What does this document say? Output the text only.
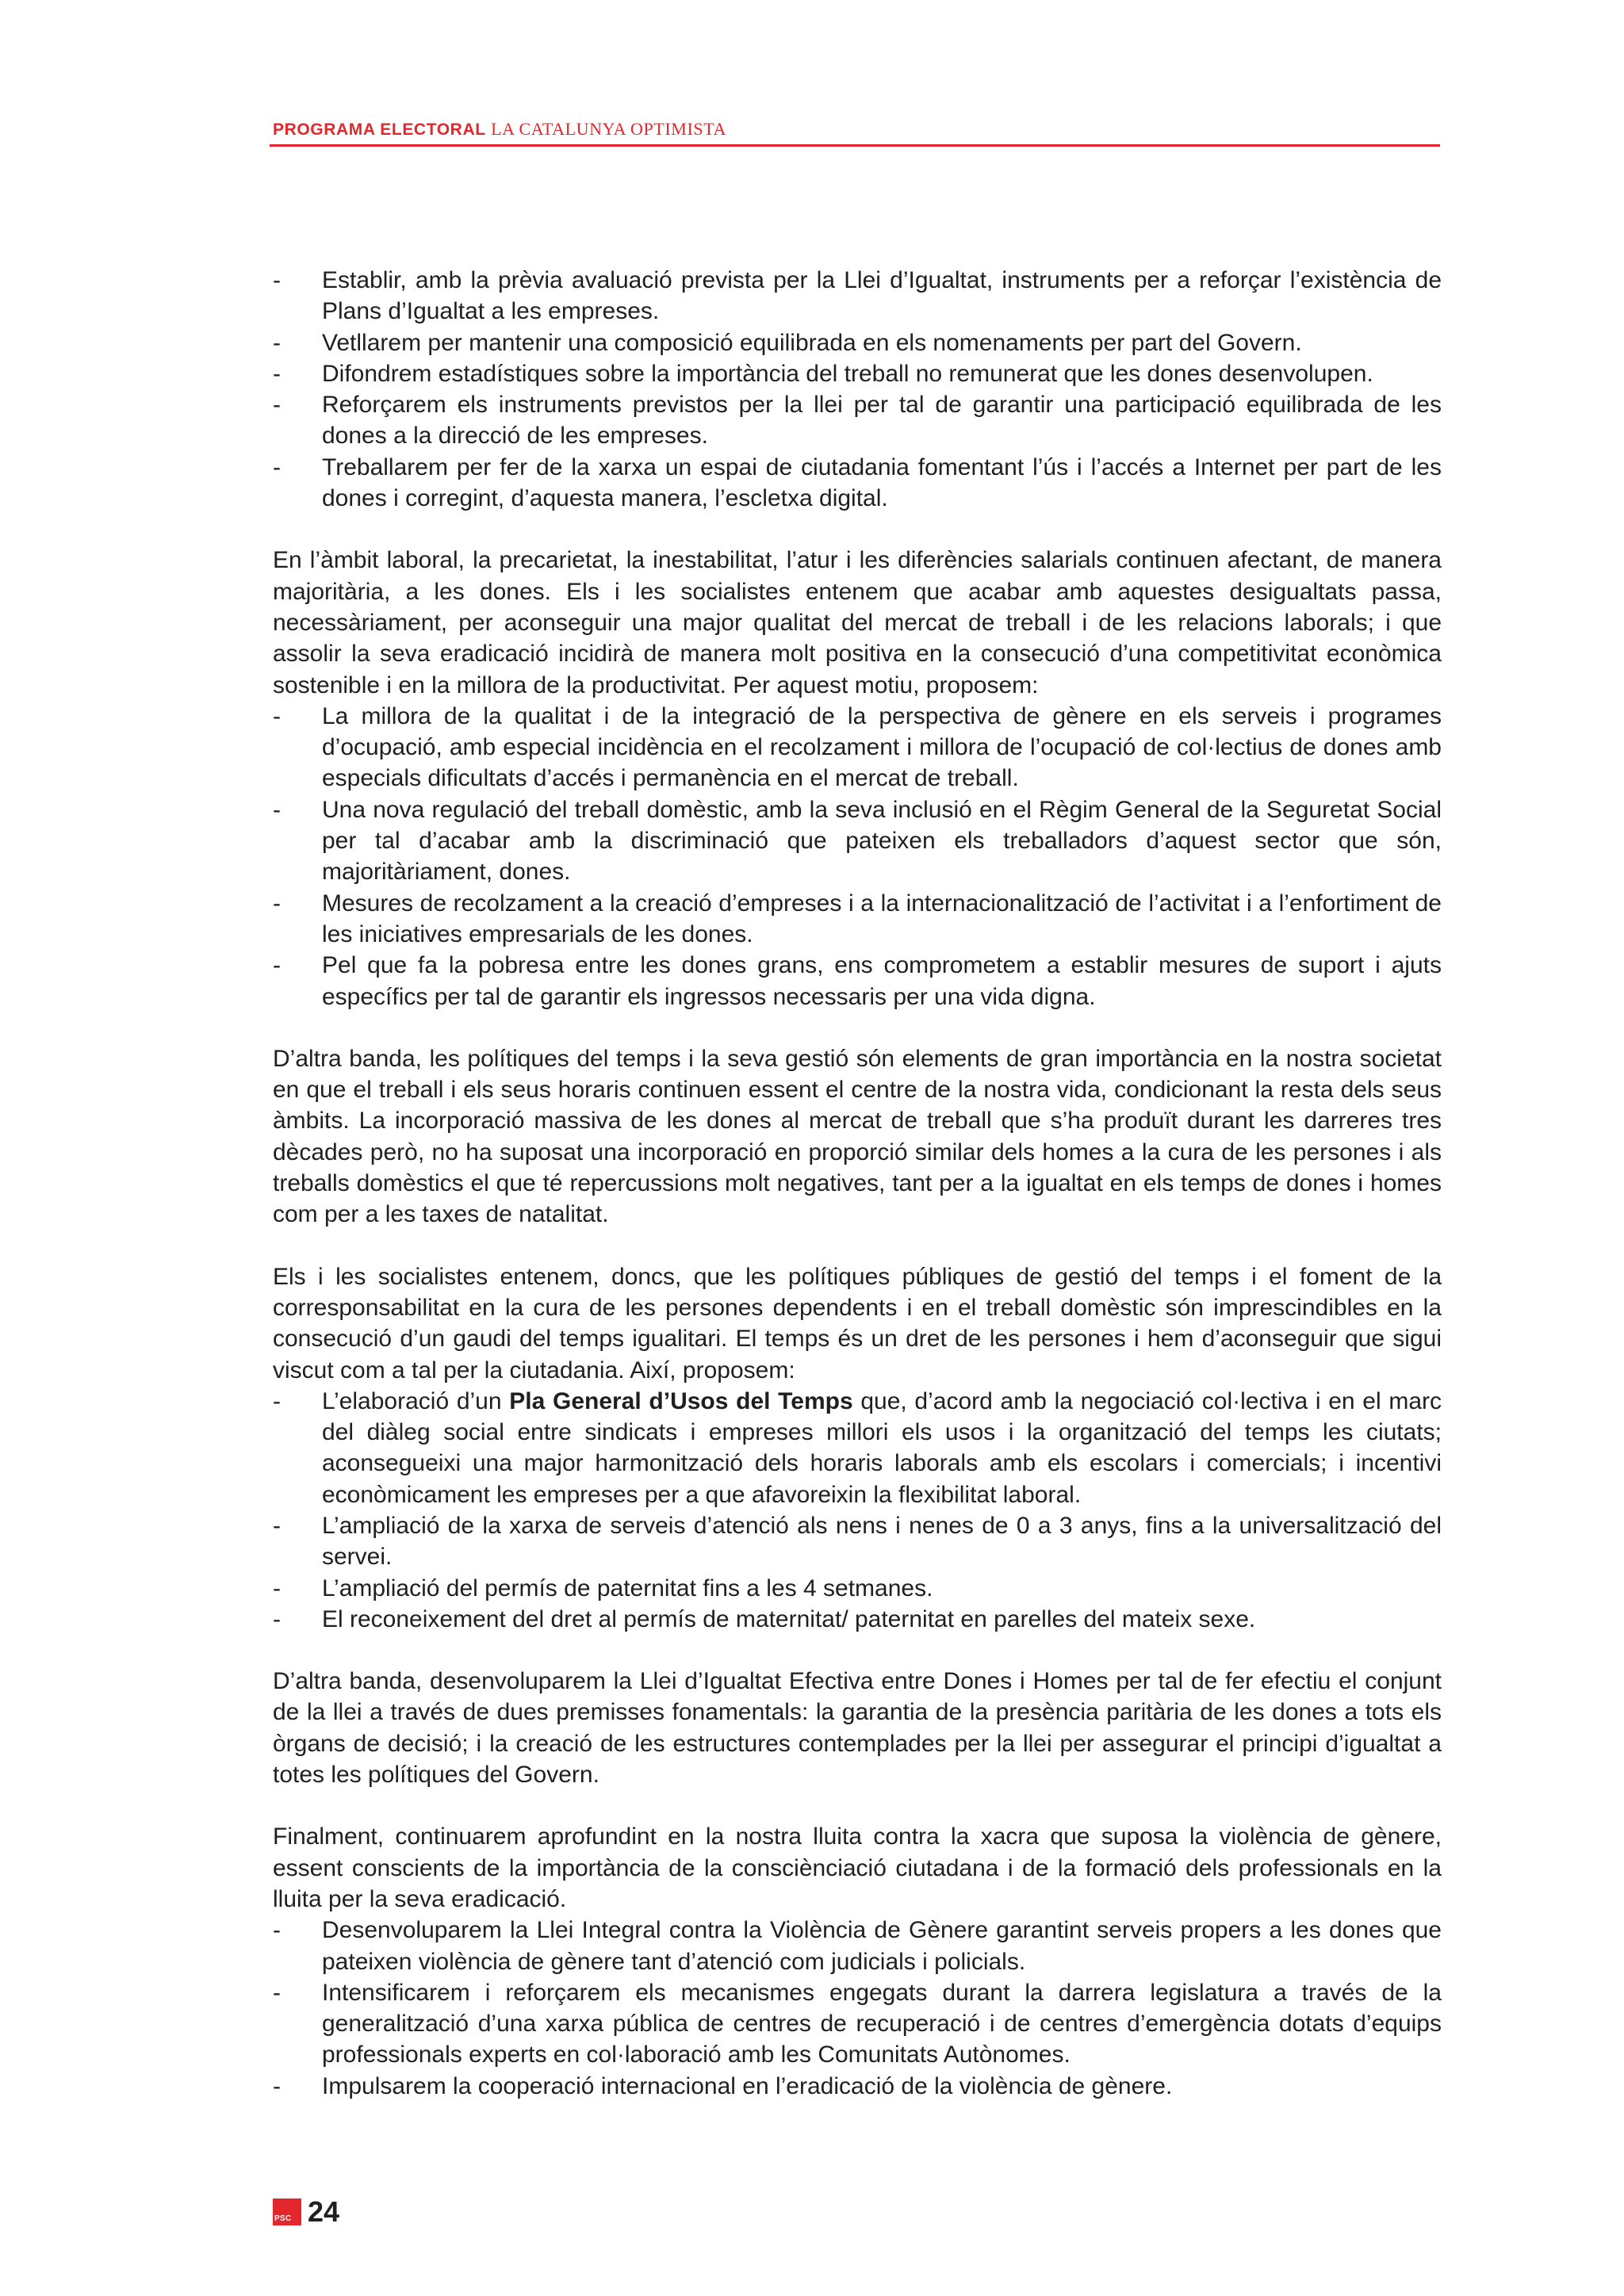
PROGRAMA ELECTORAL LA CATALUNYA OPTIMISTA
- Establir, amb la prèvia avaluació prevista per la Llei d’Igualtat, instruments per a reforçar l’existència de Plans d’Igualtat a les empreses.
- Vetllarem per mantenir una composició equilibrada en els nomenaments per part del Govern.
- Difondrem estadístiques sobre la importància del treball no remunerat que les dones desenvolupen.
- Reforçarem els instruments previstos per la llei per tal de garantir una participació equilibrada de les dones a la direcció de les empreses.
- Treballarem per fer de la xarxa un espai de ciutadania fomentant l’ús i l’accés a Internet per part de les dones i corregint, d’aquesta manera, l’escletxa digital.

En l’àmbit laboral, la precarietat, la inestabilitat, l’atur i les diferències salarials continuen afectant, de manera majoritària, a les dones. Els i les socialistes entenem que acabar amb aquestes desigualtats passa, necessàriament, per aconseguir una major qualitat del mercat de treball i de les relacions laborals; i que assolir la seva eradicació incidirà de manera molt positiva en la consecució d’una competitivitat econòmica sostenible i en la millora de la productivitat. Per aquest motiu, proposem:

- La millora de la qualitat i de la integració de la perspectiva de gènere en els serveis i programes d’ocupació, amb especial incidència en el recolzament i millora de l’ocupació de col·lectius de dones amb especials dificultats d’accés i permanència en el mercat de treball.
- Una nova regulació del treball domèstic, amb la seva inclusió en el Règim General de la Seguretat Social per tal d’acabar amb la discriminació que pateixen els treballadors d’aquest sector que són, majoritàriament, dones.
- Mesures de recolzament a la creació d’empreses i a la internacionalització de l’activitat i a l’enfortiment de les iniciatives empresarials de les dones.
- Pel que fa la pobresa entre les dones grans, ens comprometem a establir mesures de suport i ajuts específics per tal de garantir els ingressos necessaris per una vida digna.

D’altra banda, les polítiques del temps i la seva gestió són elements de gran importància en la nostra societat en que el treball i els seus horaris continuen essent el centre de la nostra vida, condicionant la resta dels seus àmbits. La incorporació massiva de les dones al mercat de treball que s’ha produït durant les darreres tres dècades però, no ha suposat una incorporació en proporció similar dels homes a la cura de les persones i als treballs domèstics el que té repercussions molt negatives, tant per a la igualtat en els temps de dones i homes com per a les taxes de natalitat.

Els i les socialistes entenem, doncs, que les polítiques públiques de gestió del temps i el foment de la corresponsabilitat en la cura de les persones dependents i en el treball domèstic són imprescindibles en la consecució d’un gaudi del temps igualitari. El temps és un dret de les persones i hem d’aconseguir que sigui viscut com a tal per la ciutadania. Així, proposem:

- L’elaboració d’un Pla General d’Usos del Temps que, d’acord amb la negociació col·lectiva i en el marc del diàleg social entre sindicats i empreses millori els usos i la organització del temps les ciutats; aconsegueixi una major harmonització dels horaris laborals amb els escolars i comercials; i incentivi econòmicament les empreses per a que afavoreixin la flexibilitat laboral.
- L’ampliació de la xarxa de serveis d’atenció als nens i nenes de 0 a 3 anys, fins a la universalització del servei.
- L’ampliació del permís de paternitat fins a les 4 setmanes.
- El reconeixement del dret al permís de maternitat/ paternitat en parelles del mateix sexe.

D’altra banda, desenvoluparem la Llei d’Igualtat Efectiva entre Dones i Homes per tal de fer efectiu el conjunt de la llei a través de dues premisses fonamentals: la garantia de la presència paritària de les dones a tots els òrgans de decisió; i la creació de les estructures contemplades per la llei per assegurar el principi d’igualtat a totes les polítiques del Govern.

Finalment, continuarem aprofundint en la nostra lluita contra la xacra que suposa la violència de gènere, essent conscients de la importància de la consciènciació ciutadana i de la formació dels professionals en la lluita per la seva eradicació.

- Desenvoluparem la Llei Integral contra la Violència de Gènere garantint serveis propers a les dones que pateixen violència de gènere tant d’atenció com judicials i policials.
- Intensificarem i reforçarem els mecanismes engegats durant la darrera legislatura a través de la generalització d’una xarxa pública de centres de recuperació i de centres d’emergència dotats d’equips professionals experts en col·laboració amb les Comunitats Autònomes.
- Impulsarem la cooperació internacional en l’eradicació de la violència de gènere.
PSC 24
